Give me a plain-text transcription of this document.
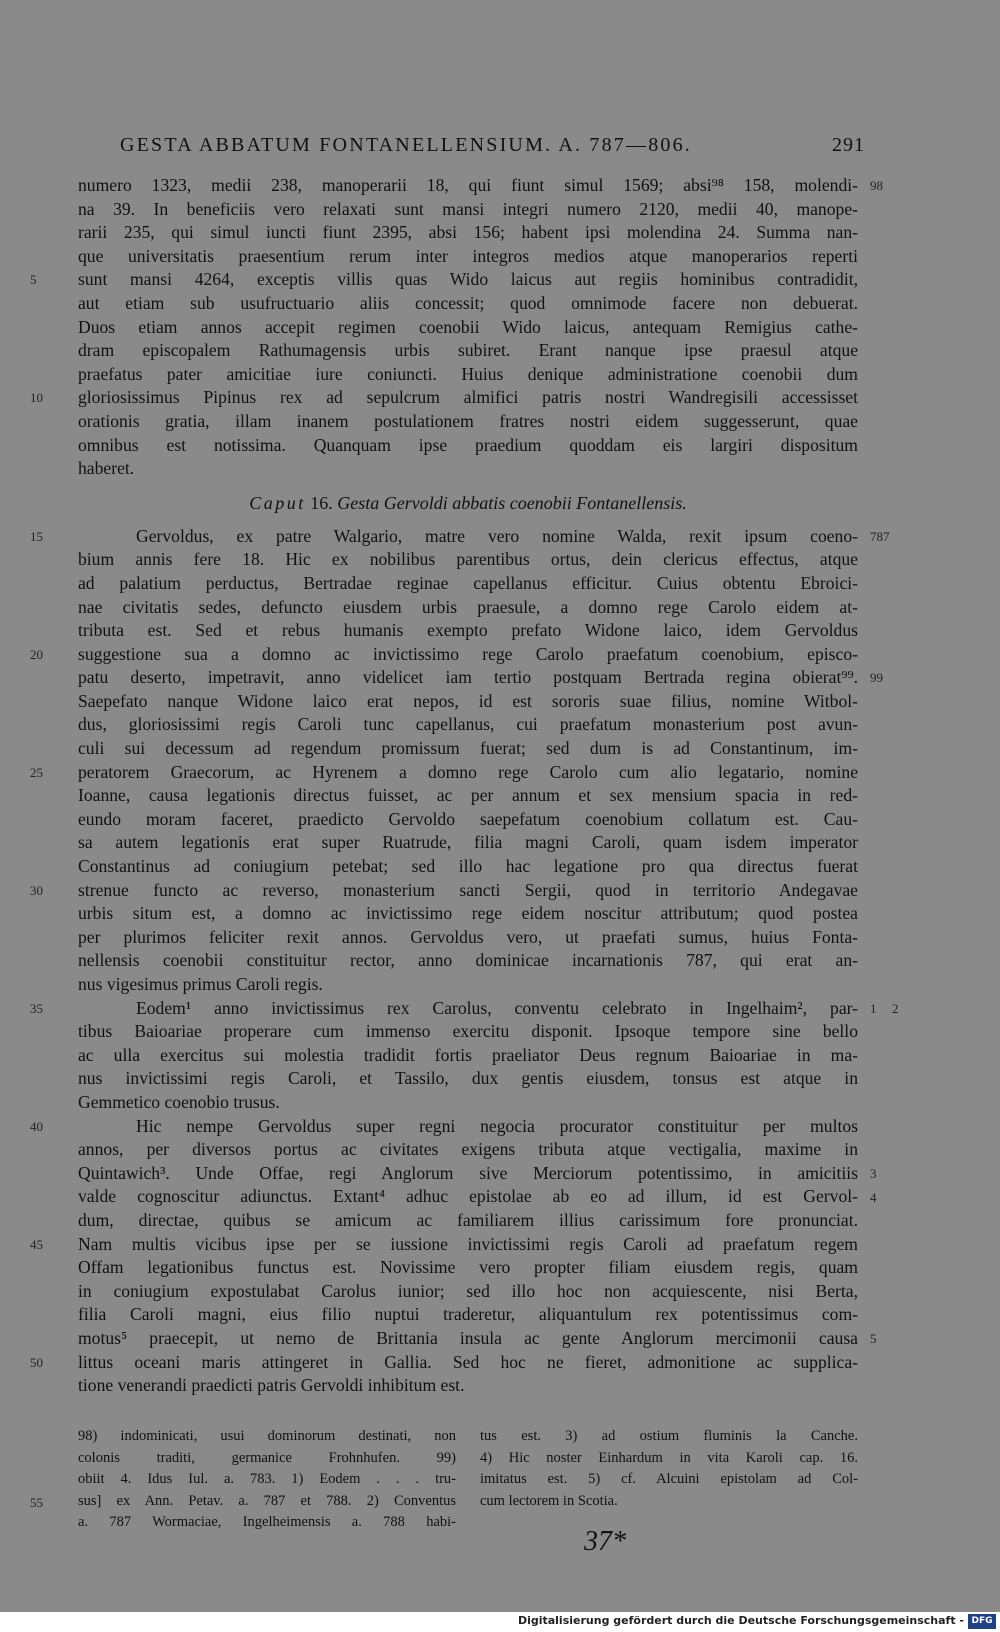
GESTA ABBATUM FONTANELLENSIUM. A. 787—806.	291
numero 1323, medii 238, manoperarii 18, qui fiunt simul 1569; absi⁹⁸ 158, molendi-
na 39. In beneficiis vero relaxati sunt mansi integri numero 2120, medii 40, manope-
rarii 235, qui simul iuncti fiunt 2395, absi 156; habent ipsi molendina 24. Summa nan-
que universitatis praesentium rerum inter integros medios atque manoperarios reperti
sunt mansi 4264, exceptis villis quas Wido laicus aut regiis hominibus contradidit,
aut etiam sub usufructuario aliis concessit; quod omnimode facere non debuerat.
Duos etiam annos accepit regimen coenobii Wido laicus, antequam Remigius cathe-
dram episcopalem Rathumagensis urbis subiret. Erant nanque ipse praesul atque
praefatus pater amicitiae iure coniuncti. Huius denique administratione coenobii dum
gloriosissimus Pipinus rex ad sepulcrum almifici patris nostri Wandregisili accessisset
orationis gratia, illam inanem postulationem fratres nostri eidem suggesserunt, quae
omnibus est notissima. Quanquam ipse praedium quoddam eis largiri dispositum
haberet.
Caput 16. Gesta Gervoldi abbatis coenobii Fontanellensis.
Gervoldus, ex patre Walgario, matre vero nomine Walda, rexit ipsum coeno-
bium annis fere 18. Hic ex nobilibus parentibus ortus, dein clericus effectus, atque
ad palatium perductus, Bertradae reginae capellanus efficitur. Cuius obtentu Ebroici-
nae civitatis sedes, defuncto eiusdem urbis praesule, a domno rege Carolo eidem at-
tributa est. Sed et rebus humanis exempto prefato Widone laico, idem Gervoldus
suggestione sua a domno ac invictissimo rege Carolo praefatum coenobium, episco-
patu deserto, impetravit, anno videlicet iam tertio postquam Bertrada regina obierat⁹⁹.
Saepefato nanque Widone laico erat nepos, id est sororis suae filius, nomine Witbol-
dus, gloriosissimi regis Caroli tunc capellanus, cui praefatum monasterium post avun-
culi sui decessum ad regendum promissum fuerat; sed dum is ad Constantinum, im-
peratorem Graecorum, ac Hyrenem a domno rege Carolo cum alio legatario, nomine
Ioanne, causa legationis directus fuisset, ac per annum et sex mensium spacia in red-
eundo moram faceret, praedicto Gervoldo saepefatum coenobium collatum est. Cau-
sa autem legationis erat super Ruatrude, filia magni Caroli, quam isdem imperator
Constantinus ad coniugium petebat; sed illo hac legatione pro qua directus fuerat
strenue functo ac reverso, monasterium sancti Sergii, quod in territorio Andegavae
urbis situm est, a domno ac invictissimo rege eidem noscitur attributum; quod postea
per plurimos feliciter rexit annos. Gervoldus vero, ut praefati sumus, huius Fonta-
nellensis coenobii constituitur rector, anno dominicae incarnationis 787, qui erat an-
nus vigesimus primus Caroli regis.
Eodem¹ anno invictissimus rex Carolus, conventu celebrato in Ingelhaim², par-
tibus Baioariae properare cum immenso exercitu disponit. Ipsoque tempore sine bello
ac ulla exercitus sui molestia tradidit fortis praeliator Deus regnum Baioariae in ma-
nus invictissimi regis Caroli, et Tassilo, dux gentis eiusdem, tonsus est atque in
Gemmetico coenobio trusus.
Hic nempe Gervoldus super regni negocia procurator constituitur per multos
annos, per diversos portus ac civitates exigens tributa atque vectigalia, maxime in
Quintawich³. Unde Offae, regi Anglorum sive Merciorum potentissimo, in amicitiis
valde cognoscitur adiunctus. Extant⁴ adhuc epistolae ab eo ad illum, id est Gervol-
dum, directae, quibus se amicum ac familiarem illius carissimum fore pronunciat.
Nam multis vicibus ipse per se iussione invictissimi regis Caroli ad praefatum regem
Offam legationibus functus est. Novissime vero propter filiam eiusdem regis, quam
in coniugium expostulabat Carolus iunior; sed illo hoc non acquiescente, nisi Berta,
filia Caroli magni, eius filio nuptui traderetur, aliquantulum rex potentissimus com-
motus⁵ praecepit, ut nemo de Brittania insula ac gente Anglorum mercimonii causa
littus oceani maris attingeret in Gallia. Sed hoc ne fieret, admonitione ac supplica-
tione venerandi praedicti patris Gervoldi inhibitum est.
98) indominicati, usui dominorum destinati, non
colonis traditi, germanice Frohnhufen. 99)
obiit 4. Idus Iul. a. 783. 1) Eodem . . . tru-
sus] ex Ann. Petav. a. 787 et 788. 2) Conventus
a. 787 Wormaciae, Ingelheimensis a. 788 habi-
tus est. 3) ad ostium fluminis la Canche.
4) Hic noster Einhardum in vita Karoli cap. 16.
imitatus est. 5) cf. Alcuini epistolam ad Col-
cum lectorem in Scotia.
37*
Digitalisierung gefördert durch die Deutsche Forschungsgemeinschaft - DFG
98
5
10
15	787
20
99
25
30
35	1 2
40
3
4
45
5
50
55
